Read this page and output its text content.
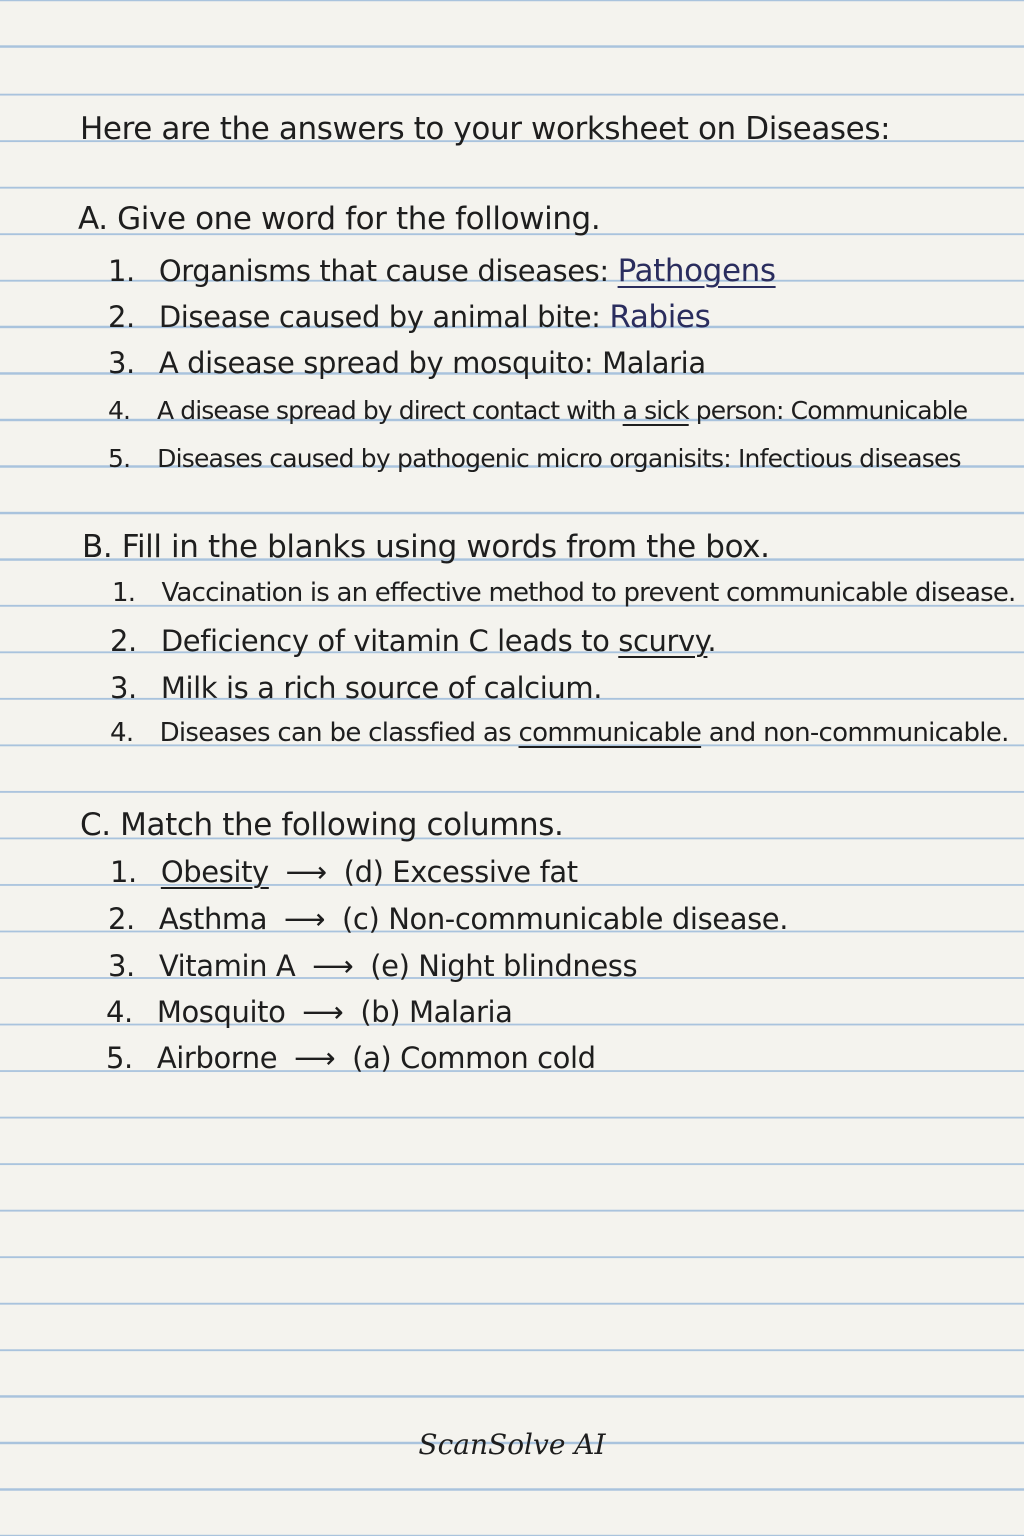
Here are the answers to your worksheet on Diseases:
A. Give one word for the following.
1. Organisms that cause diseases: Pathogens
2. Disease caused by animal bite: Rabies
3. A disease spread by mosquito: Malaria
4. A disease spread by direct contact with a sick person: Communicable
5. Diseases caused by pathogenic micro organisits: Infectious diseases
B. Fill in the blanks using words from the box.
1. Vaccination is an effective method to prevent communicable disease.
2. Deficiency of vitamin C leads to scurvy.
3. Milk is a rich source of calcium.
4. Diseases can be classfied as communicable and non-communicable.
C. Match the following columns.
1. Obesity ⟶ (d) Excessive fat
2. Asthma ⟶ (c) Non-communicable disease.
3. Vitamin A ⟶ (e) Night blindness
4. Mosquito ⟶ (b) Malaria
5. Airborne ⟶ (a) Common cold
ScanSolve AI
